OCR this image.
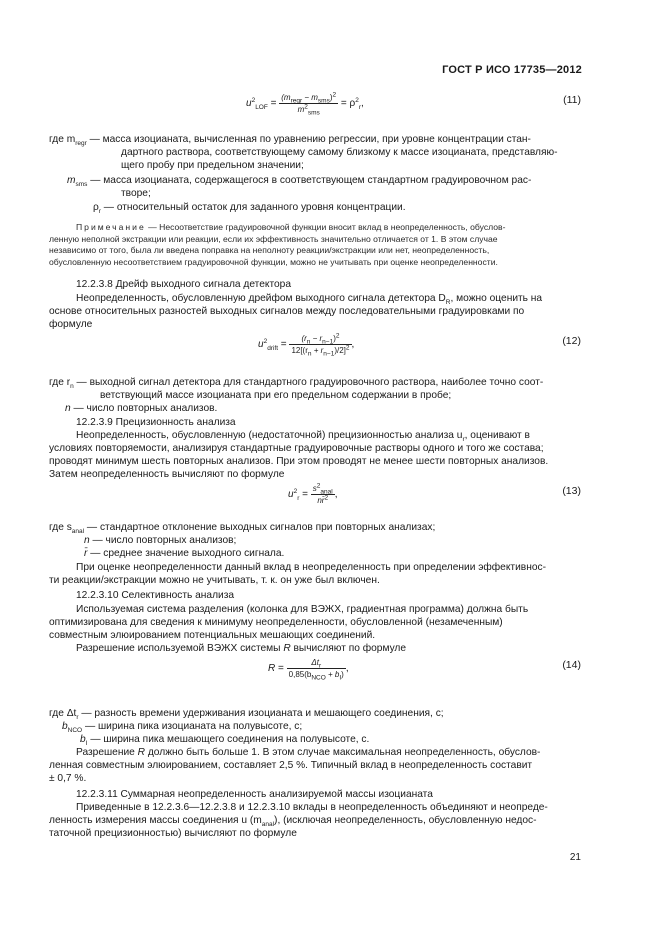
ГОСТ Р ИСО 17735—2012
$u^2_{LOF} = \frac{(m_{regr} - m_{sms})^2}{m^2_{sms}} = \rho^2_r$,	(11)
где $m_{regr}$ — масса изоцианата, вычисленная по уравнению регрессии, при уровне концентрации стан-
дартного раствора, соответствующему самому близкому к массе изоцианата, представляю-
щего пробу при предельном значении;
$m_{sms}$ — масса изоцианата, содержащегося в соответствующем стандартном градуировочном рас-
творе;
$\rho_r$ — относительный остаток для заданного уровня концентрации.
Примечание — Несоответствие градуировочной функции вносит вклад в неопределенность, обуслов-
ленную неполной экстракции или реакции, если их эффективность значительно отличается от 1. В этом случае
независимо от того, была ли введена поправка на неполноту реакции/экстракции или нет, неопределенность,
обусловленную несоответствием градуировочной функции, можно не учитывать при оценке неопределенности.
12.2.3.8 Дрейф выходного сигнала детектора
Неопределенность, обусловленную дрейфом выходного сигнала детектора $D_R$, можно оценить на
основе относительных разностей выходных сигналов между последовательными градуировками по
формуле
$u^2_{drift} = \frac{(r_n - r_{n-1})^2}{12[(r_n + r_{n-1})/2]^2}$ ,	(12)
где $r_n$ — выходной сигнал детектора для стандартного градуировочного раствора, наиболее точно соот-
ветствующий массе изоцианата при его предельном содержании в пробе;
n — число повторных анализов.
12.2.3.9 Прецизионность анализа
Неопределенность, обусловленную (недостаточной) прецизионностью анализа $u_r$, оценивают в
условиях повторяемости, анализируя стандартные градуировочные растворы одного и того же состава;
проводят минимум шесть повторных анализов. При этом проводят не менее шести повторных анализов.
Затем неопределенность вычисляют по формуле
$u^2_r = \frac{s^2_{anal}}{nr̄^2}$ ,	(13)
где $s_{anal}$ — стандартное отклонение выходных сигналов при повторных анализах;
n — число повторных анализов;
r̄ — среднее значение выходного сигнала.
При оценке неопределенности данный вклад в неопределенность при определении эффективнос-
ти реакции/экстракции можно не учитывать, т. к. он уже был включен.
12.2.3.10 Селективность анализа
Используемая система разделения (колонка для ВЭЖХ, градиентная программа) должна быть
оптимизирована для сведения к минимуму неопределенности, обусловленной (незамеченным)
совместным элюированием потенциальных мешающих соединений.
Разрешение используемой ВЭЖХ системы R вычисляют по формуле
$R = \frac{\Delta t_r}{0,85(b_{NCO} + b_I)}$ ,	(14)
где $\Delta t_r$ — разность времени удерживания изоцианата и мешающего соединения, с;
$b_{NCO}$ — ширина пика изоцианата на полувысоте, с;
$b_I$ — ширина пика мешающего соединения на полувысоте, с.
Разрешение R должно быть больше 1. В этом случае максимальная неопределенность, обуслов-
ленная совместным элюированием, составляет 2,5 %. Типичный вклад в неопределенность составит
± 0,7 %.
12.2.3.11 Суммарная неопределенность анализируемой массы изоцианата
Приведенные в 12.2.3.6—12.2.3.8 и 12.2.3.10 вклады в неопределенность объединяют и неопреде-
ленность измерения массы соединения u $(m_{anal})$, (исключая неопределенность, обусловленную недос-
таточной прецизионностью) вычисляют по формуле
21
